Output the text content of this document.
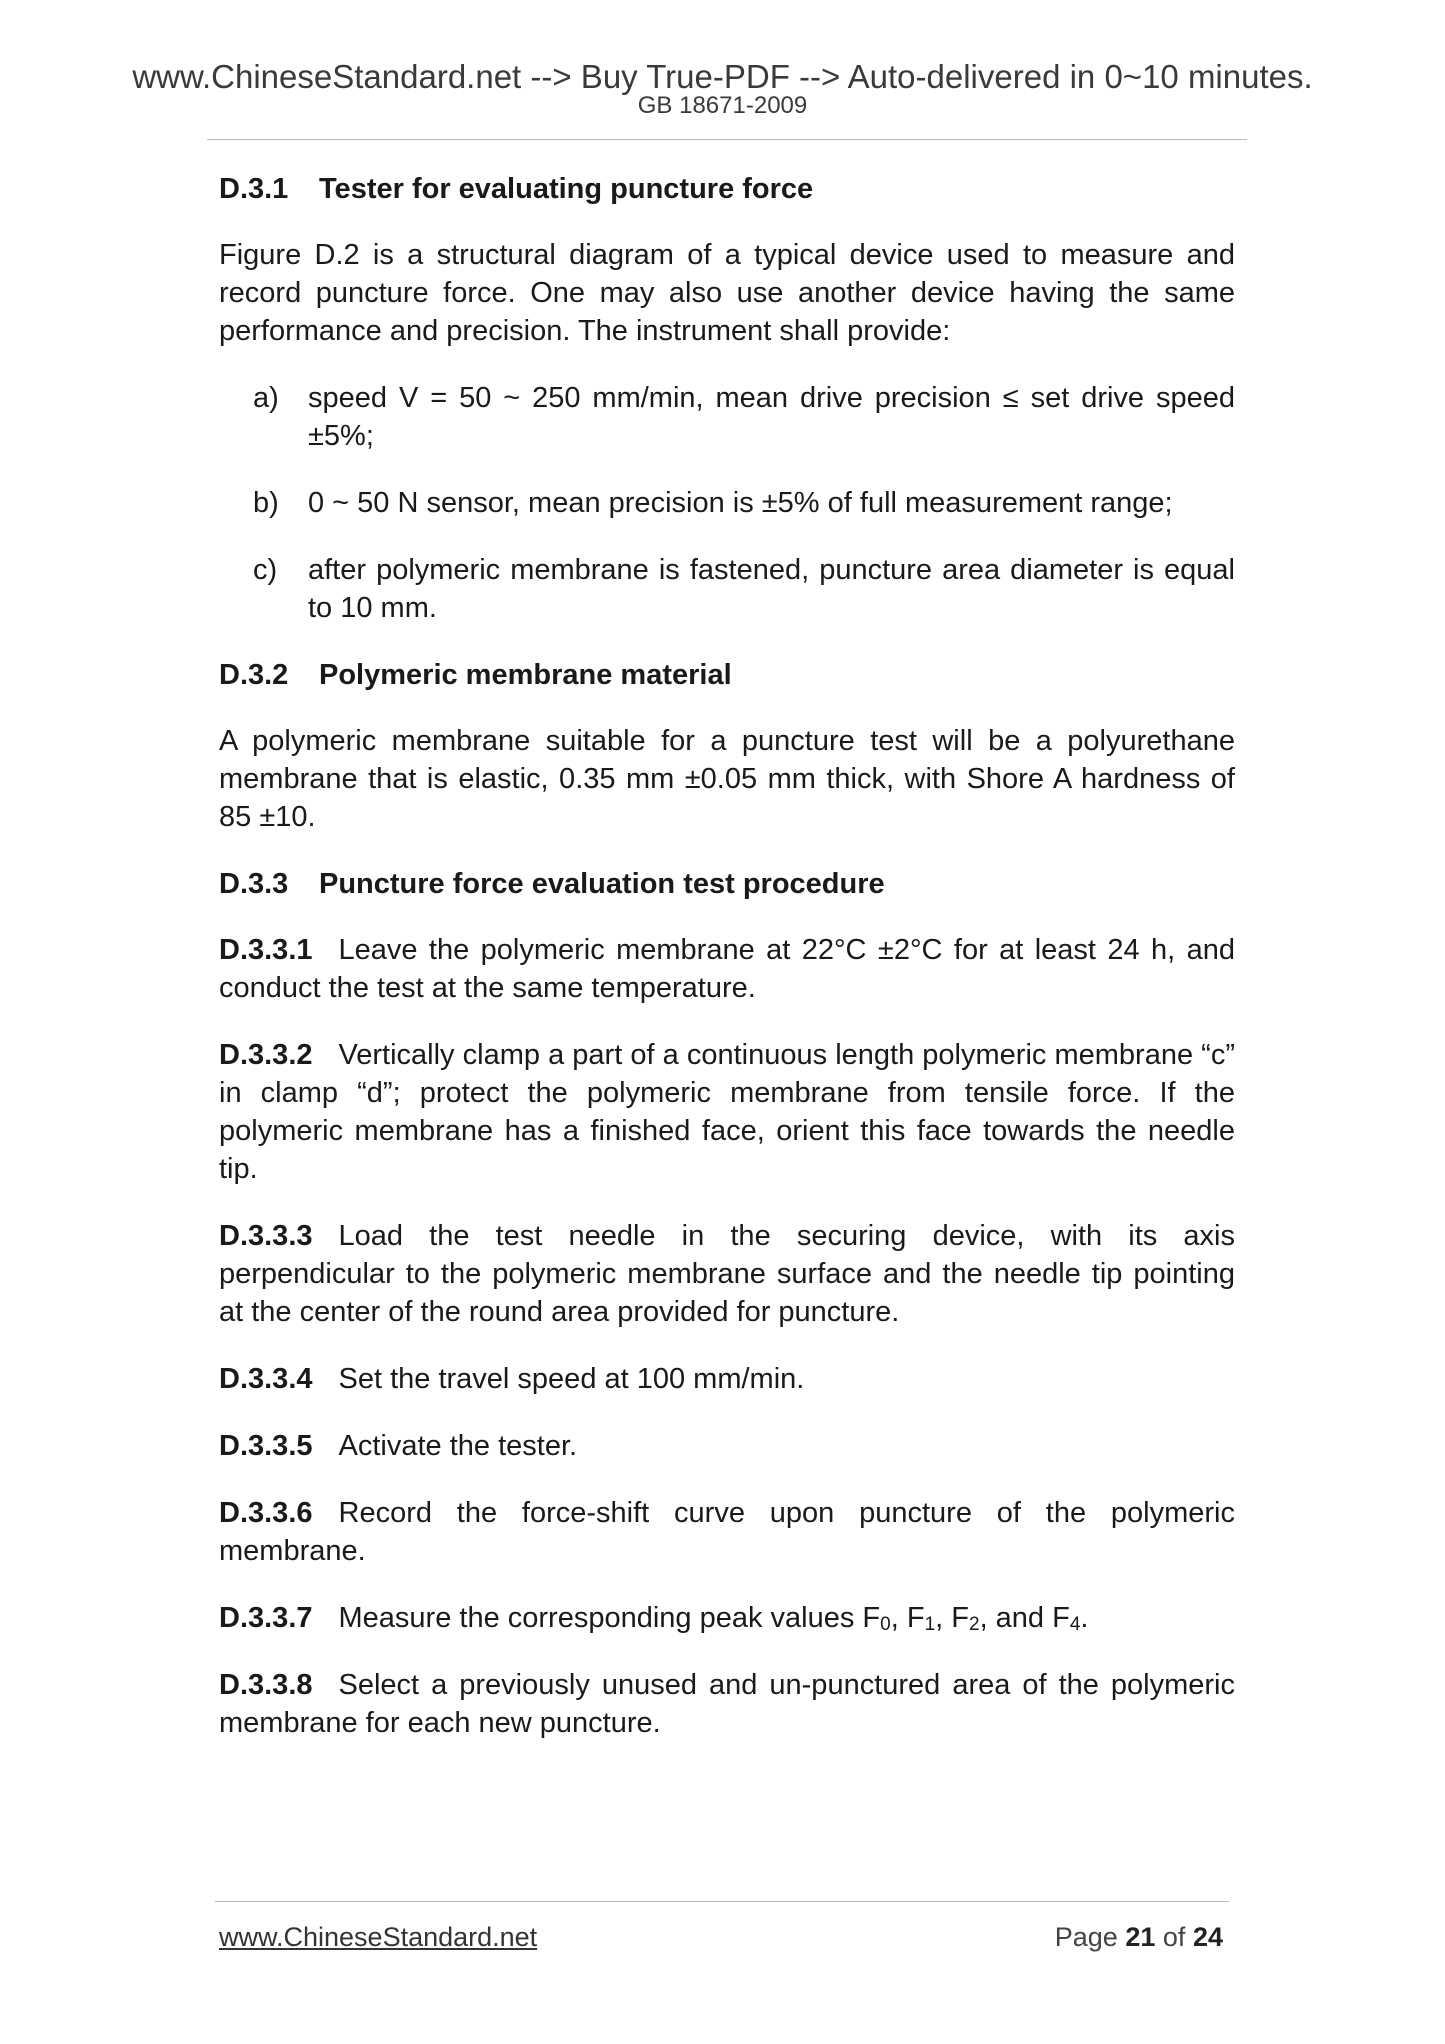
www.ChineseStandard.net --> Buy True-PDF --> Auto-delivered in 0~10 minutes.
GB 18671-2009

D.3.1 Tester for evaluating puncture force

Figure D.2 is a structural diagram of a typical device used to measure and record puncture force. One may also use another device having the same performance and precision. The instrument shall provide:

a)	speed V = 50 ~ 250 mm/min, mean drive precision ≤ set drive speed ±5%;
b)	0 ~ 50 N sensor, mean precision is ±5% of full measurement range;
c)	after polymeric membrane is fastened, puncture area diameter is equal to 10 mm.

D.3.2 Polymeric membrane material

A polymeric membrane suitable for a puncture test will be a polyurethane membrane that is elastic, 0.35 mm ±0.05 mm thick, with Shore A hardness of 85 ±10.

D.3.3 Puncture force evaluation test procedure

D.3.3.1 Leave the polymeric membrane at 22°C ±2°C for at least 24 h, and conduct the test at the same temperature.

D.3.3.2 Vertically clamp a part of a continuous length polymeric membrane “c” in clamp “d”; protect the polymeric membrane from tensile force. If the polymeric membrane has a finished face, orient this face towards the needle tip.

D.3.3.3 Load the test needle in the securing device, with its axis perpendicular to the polymeric membrane surface and the needle tip pointing at the center of the round area provided for puncture.

D.3.3.4 Set the travel speed at 100 mm/min.

D.3.3.5 Activate the tester.

D.3.3.6 Record the force-shift curve upon puncture of the polymeric membrane.

D.3.3.7 Measure the corresponding peak values $F_0$, $F_1$, $F_2$, and $F_4$.

D.3.3.8 Select a previously unused and un-punctured area of the polymeric membrane for each new puncture.

www.ChineseStandard.net	Page 21 of 24
